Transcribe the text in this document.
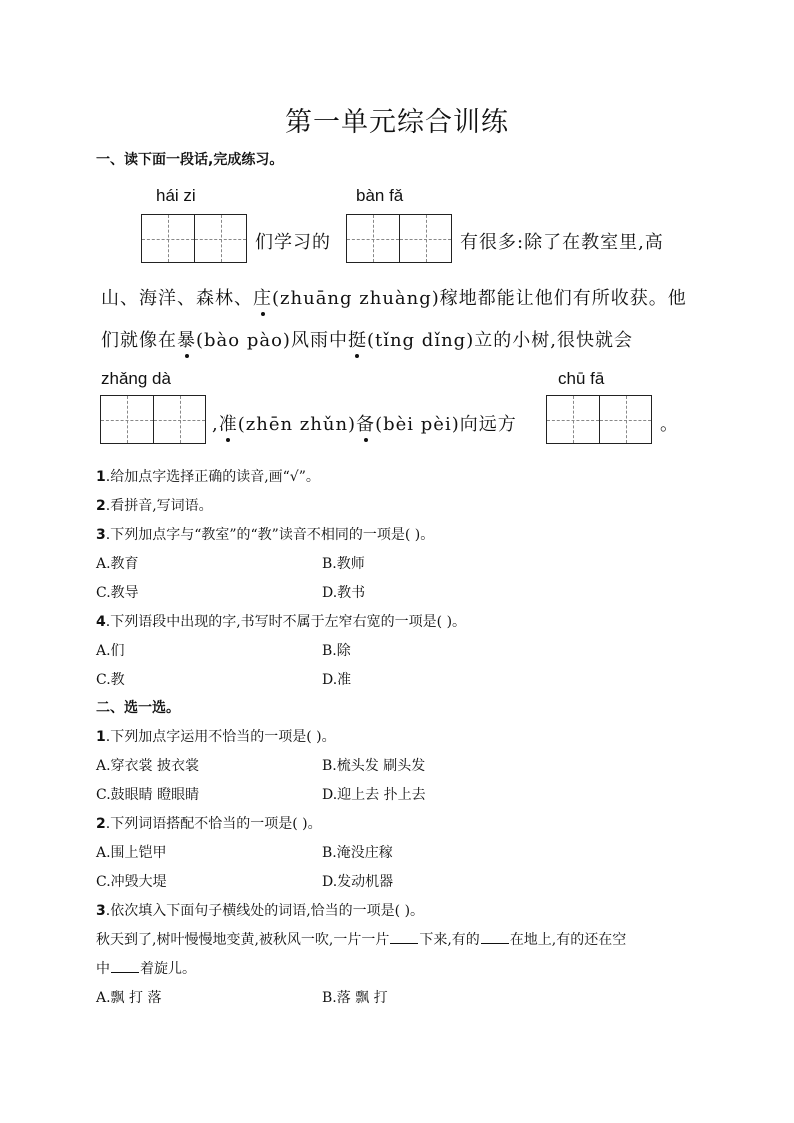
第一单元综合训练
一、读下面一段话,完成练习。
hái zi
们学习的
bàn fǎ
有很多:除了在教室里,高
山、海洋、森林、庄(zhuāng zhuàng)稼地都能让他们有所收获。他
们就像在暴(bào pào)风雨中挺(tǐng dǐng)立的小树,很快就会
zhǎng dà
,准(zhēn zhǔn)备(bèi pèi)向远方
chū fā
。
1.给加点字选择正确的读音,画“√”。
2.看拼音,写词语。
3.下列加点字与“教室”的“教”读音不相同的一项是( )。
A.教育	B.教师
C.教导	D.教书
4.下列语段中出现的字,书写时不属于左窄右宽的一项是( )。
A.们	B.除
C.教	D.准
二、选一选。
1.下列加点字运用不恰当的一项是( )。
A.穿衣裳 披衣裳	B.梳头发 刷头发
C.鼓眼睛 瞪眼睛	D.迎上去 扑上去
2.下列词语搭配不恰当的一项是( )。
A.围上铠甲	B.淹没庄稼
C.冲毁大堤	D.发动机器
3.依次填入下面句子横线处的词语,恰当的一项是( )。
秋天到了,树叶慢慢地变黄,被秋风一吹,一片一片 下来,有的 在地上,有的还在空
中 着旋儿。
A.飘 打 落	B.落 飘 打
